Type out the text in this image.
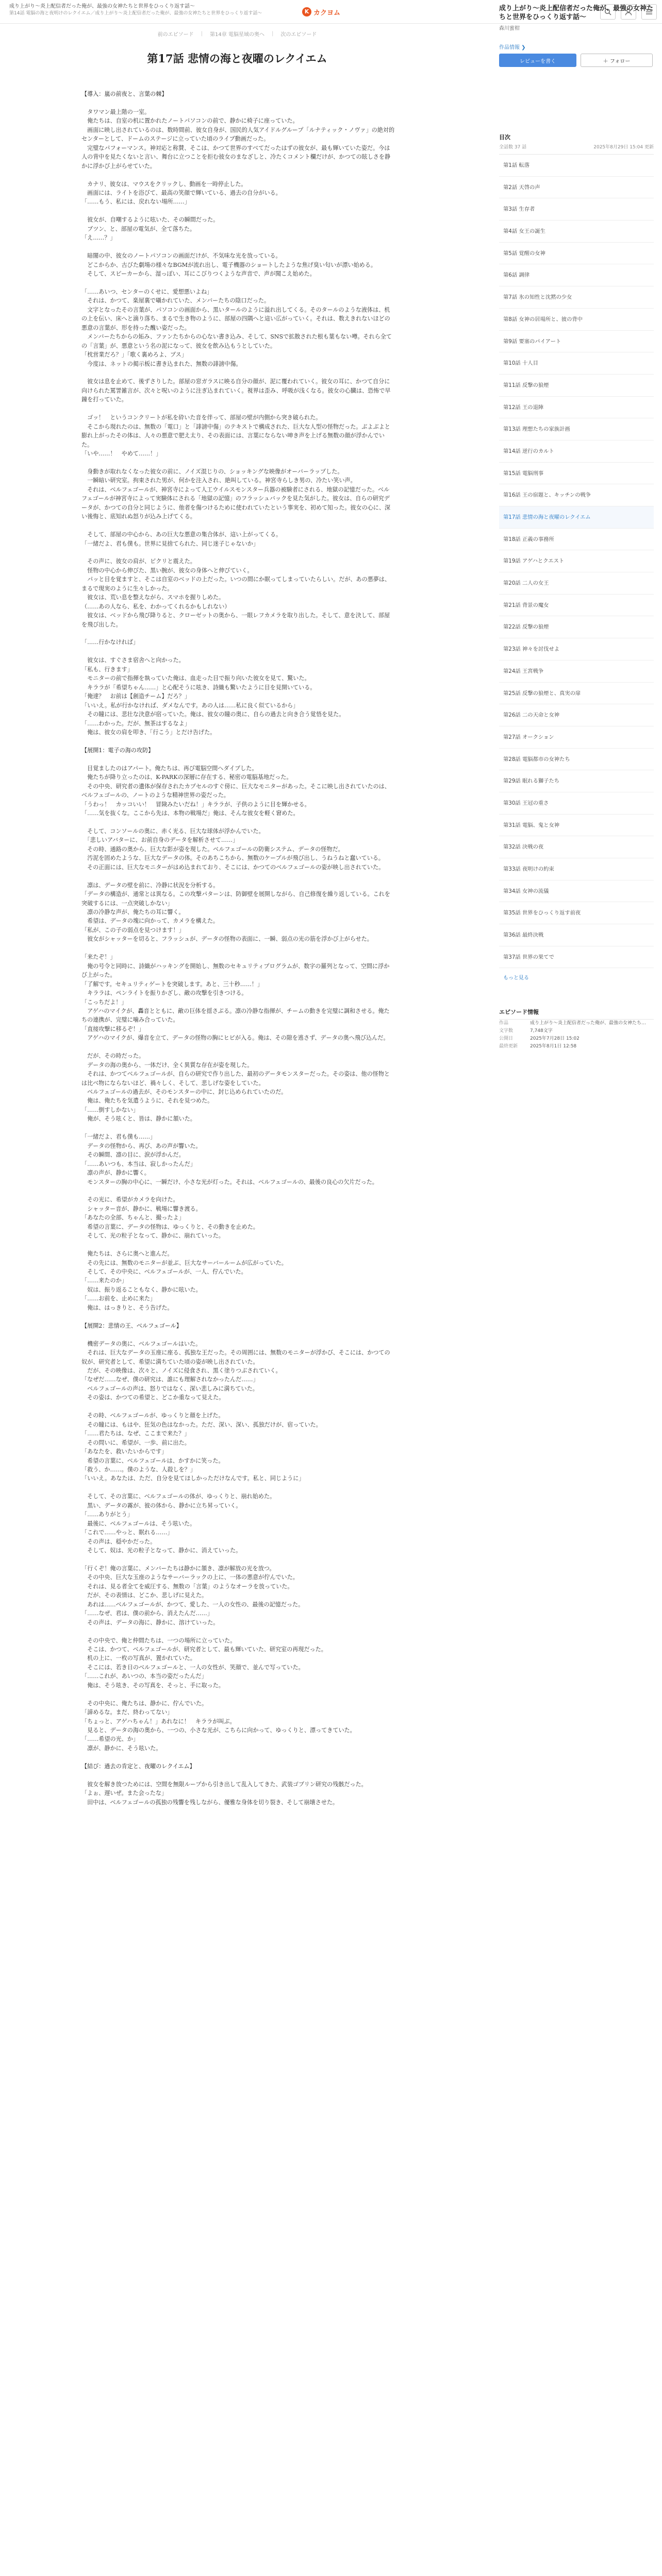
成り上がり〜炎上配信者だった俺が、最強の女神たちと世界をひっくり返す話〜
第14話 電脳の海と夜明けのレクイエム／成り上がり〜炎上配信者だった俺が、最強の女神たちと世界をひっくり返す話〜	K カクヨム
前のエピソード | 第14章 電脳星域の奥へ | 次のエピソード
第17話 悲情の海と夜曜のレクイエム

【導入：嵐の前夜と、言葉の棘】

　タワマン最上階の一室。
　俺たちは、自室の机に置かれたノートパソコンの前で、静かに椅子に座っていた。
　画面に映し出されているのは、数時間前、彼女自身が、国民的人気アイドルグループ「ルナティック・ノヴァ」の絶対的センターとして、ドームのステージに立っていた頃のライブ動画だった。
　完璧なパフォーマンス。神対応と称賛、そこは、かつて世界のすべてだったはずの彼女が、最も輝いていた姿だ。今は人の背中を見たくないと言い、舞台に立つことを拒む彼女のまなざしと、冷たくコメント欄だけが、かつての眩しさを静かに浮かび上がらせていた。

　カナリ、彼女は、マウスをクリックし、動画を一時停止した。
　画面には、ライトを浴びて、最高の笑顔で輝いている、過去の自分がいる。
「……もう、私には、戻れない場所……」

　彼女が、自嘲するように呟いた、その瞬間だった。
　ブツン、と、部屋の電気が、全て落ちた。
「え……？」

　暗闇の中、彼女のノートパソコンの画面だけが、不気味な光を放っている。
　どこからか、古びた劇場の様々なBGMが流れ出し、電子機器のショートしたような焦げ臭い匂いが漂い始める。
　そして、スピーカーから、湿っぽい、耳にこびりつくような声音で、声が聞こえ始めた。

「……あいつ、センターのくせに、愛想悪いよね」
　それは、かつて、楽屋裏で囁かれていた、メンバーたちの陰口だった。
　文字となったその言葉が、パソコンの画面から、黒いタールのように溢れ出してくる。そのタールのような液体は、机の上を伝い、床へと滴り落ち、まるで生き物のように、部屋の四隅へと這い広がっていく。それは、数えきれないほどの悪意の言葉が、形を持った醜い姿だった。
　メンバーたちからの妬み、ファンたちからの心ない書き込み、そして、SNSで拡散された根も葉もない噂。それら全ての「言葉」が、悪意という名の泥になって、彼女を飲み込もうとしていた。
「枕営業だろ？」「歌く裏めろよ、ブス」
　今度は、ネットの掲示板に書き込まれた、無数の誹謗中傷。

　彼女は息を止めて、後ずさりした。部屋の窓ガラスに映る自分の顔が、泥に覆われていく。彼女の耳に、かつて自分に向けられた罵詈雑言が、次々と呪いのように注ぎ込まれていく。視界は歪み、呼吸が浅くなる。彼女の心臓は、恐怖で早鐘を打っていた。

　ゴッ！　というコンクリートが私を砕いた音を伴って、部屋の壁が内側から突き破られた。
　そこから現れたのは、無数の「電口」と「誹謗中傷」のテキストで構成された、巨大な人型の怪物だった。ぶよぶよと膨れ上がったその体は、人々の悪意で肥え太り、その表面には、言葉にならない呻き声を上げる無数の顔が浮かんでいた。
「いや……！　やめて……！」

　身動きが取れなくなった彼女の前に、ノイズ混じりの、ショッキングな映像がオーバーラップした。
　一瞬暗い研究室。拘束された男が、何かを注入され、絶叫している。神宮寺らしき男の、冷たい笑い声。
　それは、ベルフェゴールが、神宮寺によって人工ウイルスモンスター兵器の被験者にされる、地獄の記憶だった。ベルフェゴールが神宮寺によって実験体にされる「地獄の記憶」のフラッシュバックを見た気がした。彼女は、自らの研究データが、かつての自分と同じように、他者を傷つけるために使われていたという事実を、初めて知った。彼女の心に、深い後悔と、底知れぬ怒りが込み上げてくる。

　そして、部屋の中心から、あの巨大な悪意の集合体が、這い上がってくる。
「一緒だよ、君も僕も。世界に見捨てられた、同じ迷子じゃないか」

　その声に、彼女の肩が、ピクリと震えた。
　怪物の中心から伸びた、黒い腕が、彼女の身体へと伸びていく。
　パッと目を覚ますと、そこは自室のベッドの上だった。いつの間にか眠ってしまっていたらしい。だが、あの悪夢は、まるで現実のように生々しかった。
　彼女は、荒い息を整えながら、スマホを握りしめた。
（……あの人なら、私を、わかってくれるかもしれない）
　彼女は、ベッドから飛び降りると、クローゼットの奥から、一眼レフカメラを取り出した。そして、意を決して、部屋を飛び出した。

「……行かなければ」

　彼女は、すぐさま宿舎へと向かった。
「私も、行きます」
　モニターの前で指揮を執っていた俺は、血走った目で振り向いた彼女を見て、驚いた。
　キララが「希望ちゃん……」と心配そうに呟き、詩織も驚いたように目を見開いている。
「俺達？　お前は【創造チーム】だろ？」
「いいえ。私が行かなければ、ダメなんです。あの人は……私に良く似ているから」
　その瞳には、悲壮な決意が宿っていた。俺は、彼女の瞳の奥に、自らの過去と向き合う覚悟を見た。
「……わかった。だが、無茶はするなよ」
　俺は、彼女の肩を叩き、「行こう」とだけ告げた。

【展開1：電子の海の攻防】

　目覚ましたのはアパート。俺たちは、再び電脳空間へダイブした。
　俺たちが降り立ったのは、K-PARKの深層に存在する、秘密の電脳基地だった。
　その中央、研究者の遺体が保存されたカプセルのすぐ傍に、巨大なモニターがあった。そこに映し出されていたのは、ベルフェゴールの、ノートのような精神世界の姿だった。
「うわっ！　カッコいい！　冒険みたいだね！」キララが、子供のように目を輝かせる。
「……気を抜くな。ここから先は、本物の戦場だ」俺は、そんな彼女を軽く窘めた。

　そして、コンソールの奥に、赤く光る、巨大な球体が浮かんでいた。
　「悲しいアバターに、お前自身のデータを解析させて……」
　その時、通路の奥から、巨大な影が姿を現した。ベルフェゴールの防衛システム、データの怪物だ。
　汚泥を固めたような、巨大なデータの体。そのあちこちから、無数のケーブルが飛び出し、うねうねと蠢いている。
　その正面には、巨大なモニターがはめ込まれており、そこには、かつてのベルフェゴールの姿が映し出されていた。

　凛は、データの壁を前に、冷静に状況を分析する。
「データの構造が、通常とは異なる。この攻撃パターンは、防御壁を展開しながら、自己修復を繰り返している。これを突破するには、一点突破しかない」
　凛の冷静な声が、俺たちの耳に響く。
　希望は、データの塊に向かって、カメラを構えた。
「私が、この子の弱点を見つけます！」
　彼女がシャッターを切ると、フラッシュが、データの怪物の表面に、一瞬、弱点の光の筋を浮かび上がらせた。

「来たぞ！」
　俺の号令と同時に、詩織がハッキングを開始し、無数のセキュリティプログラムが、数字の羅列となって、空間に浮かび上がった。
「了解です。セキュリティゲートを突破します。あと、三十秒……！」
　キララは、ペンライトを振りかざし、敵の攻撃を引きつける。
「こっちだよ！」
　アゲハのマイクが、轟音とともに、敵の巨体を揺さぶる。凛の冷静な指揮が、チームの動きを完璧に調和させる。俺たちの連携が、完璧に噛み合っていた。
「直接攻撃に移るぞ！」
　アゲハのマイクが、爆音を立て、データの怪物の胸にヒビが入る。俺は、その隙を逃さず、データの奥へ飛び込んだ。

　だが、その時だった。
　データの海の奥から、一体だけ、全く異質な存在が姿を現した。
　それは、かつてベルフェゴールが、自らの研究で作り出した、最初のデータモンスターだった。その姿は、他の怪物とは比べ物にならないほど、禍々しく、そして、悲しげな姿をしていた。
　ベルフェゴールの過去が、そのモンスターの中に、封じ込められていたのだ。
　俺は、俺たちを気遣うように、それを見つめた。
「……倒すしかない」
　俺が、そう呟くと、皆は、静かに頷いた。

「一緒だよ、君も僕も……」
　データの怪物から、再び、あの声が響いた。
　その瞬間、凛の目に、涙が浮かんだ。
「……あいつも、本当は、寂しかったんだ」
　凛の声が、静かに響く。
　モンスターの胸の中心に、一瞬だけ、小さな光が灯った。それは、ベルフェゴールの、最後の良心の欠片だった。

　その光に、希望がカメラを向けた。
　シャッター音が、静かに、戦場に響き渡る。
「あなたの全部、ちゃんと、撮ったよ」
　希望の言葉に、データの怪物は、ゆっくりと、その動きを止めた。
　そして、光の粒子となって、静かに、崩れていった。

　俺たちは、さらに奥へと進んだ。
　その先には、無数のモニターが並ぶ、巨大なサーバールームが広がっていた。
　そして、その中央に、ベルフェゴールが、一人、佇んでいた。
「……来たのか」
　奴は、振り返ることもなく、静かに呟いた。
「……お前を、止めに来た」
　俺は、はっきりと、そう告げた。

【展開2：悲情の王、ベルフェゴール】

　機密データの奥に、ベルフェゴールはいた。
　それは、巨大なデータの玉座に座る、孤独な王だった。その周囲には、無数のモニターが浮かび、そこには、かつての奴が、研究者として、希望に満ちていた頃の姿が映し出されていた。
　だが、その映像は、次々と、ノイズに侵食され、黒く塗りつぶされていく。
「なぜだ……なぜ、僕の研究は、誰にも理解されなかったんだ……」
　ベルフェゴールの声は、怒りではなく、深い悲しみに満ちていた。
　その姿は、かつての希望と、どこか重なって見えた。

　その時、ベルフェゴールが、ゆっくりと顔を上げた。
　その瞳には、もはや、狂気の色はなかった。ただ、深い、深い、孤独だけが、宿っていた。
「……君たちは、なぜ、ここまで来た？」
　その問いに、希望が、一歩、前に出た。
「あなたを、救いたいからです」
　希望の言葉に、ベルフェゴールは、かすかに笑った。
「救う、か……。僕のような、人殺しを？」
「いいえ。あなたは、ただ、自分を見てほしかっただけなんです。私と、同じように」

　そして、その言葉に、ベルフェゴールの体が、ゆっくりと、崩れ始めた。
　黒い、データの霧が、彼の体から、静かに立ち昇っていく。
「……ありがとう」
　最後に、ベルフェゴールは、そう呟いた。
「これで……やっと、眠れる……」
　その声は、穏やかだった。
　そして、奴は、光の粒子となって、静かに、消えていった。

「行くぞ！俺の言葉に、メンバーたちは静かに頷き、凛が解放の光を放つ。
　その中央、巨大な玉座のようなサーバーラックの上に、一体の悪意が佇んでいた。
　それは、見る者全てを威圧する、無数の「言葉」のようなオーラを放っていた。
　だが、その表情は、どこか、悲しげに見えた。
　あれは……ベルフェゴールが、かつて、愛した、一人の女性の、最後の記憶だった。
「……なぜ、君は、僕の前から、消えたんだ……」
　その声は、データの海に、静かに、溶けていった。

　その中央で、俺と仲間たちは、一つの場所に立っていた。
　そこは、かつて、ベルフェゴールが、研究者として、最も輝いていた、研究室の再現だった。
　机の上に、一枚の写真が、置かれていた。
　そこには、若き日のベルフェゴールと、一人の女性が、笑顔で、並んで写っていた。
「……これが、あいつの、本当の姿だったんだ」
　俺は、そう呟き、その写真を、そっと、手に取った。

　その中央に、俺たちは、静かに、佇んでいた。
「諦めるな。まだ、終わってない」
「ちょっと、アゲハちゃん！」あれなに！　キララが叫ぶ。
　見ると、データの海の奥から、一つの、小さな光が、こちらに向かって、ゆっくりと、漂ってきていた。
「……希望の光、か」
　凛が、静かに、そう呟いた。

【結び：過去の肯定と、夜曜のレクイエム】

　彼女を解き放つためには、空間を無限ループから引き出して乱入してきた、武装ゴブリン研究の残骸だった。
「よぉ、遅いぜ。また会ったな」
　田中は、ベルフェゴールの孤独の残響を残しながら、優雅な身体を切り裂き、そして崩壊させた。

成り上がり〜炎上配信者だった俺が、最強の女神たちと世界をひっくり返す話〜
森川蜜柑
作品情報 ❯
レビューを書く	＋ フォロー
目次
全話数 37 話	2025年8月29日 15:04 更新
第1話 転落
第2話 天啓の声
第3話 生存者
第4話 女王の誕生
第5話 覚醒の女神
第6話 調律
第7話 氷の知性と沈黙の少女
第8話 女神の居場所と、彼の背中
第9話 要塞のパイアート
第10話 十人目
第11話 反撃の狼煙
第12話 王の退陣
第13話 理想たちの家族計画
第14話 逆行のカルト
第15話 電脳刑事
第16話 王の宿題と、キッチンの戦争
第17話 悲情の海と夜曜のレクイエム
第18話 正義の事務所
第19話 アゲハとクエスト
第20話 二人の女王
第21話 背景の魔女
第22話 反撃の狼煙
第23話 神々を討伐せよ
第24話 王宮戦争
第25話 反撃の狼煙と、真実の扉
第26話 二の天命と女神
第27話 オークション
第28話 電脳都市の女神たち
第29話 眠れる獅子たち
第30話 王冠の重さ
第31話 電脳、鬼と女神
第32話 決戦の夜
第33話 夜明けの約束
第34話 女神の流儀
第35話 世界をひっくり返す前夜
第36話 最終決戦
第37話 世界の果てで
もっと見る
エピソード情報
作品	成り上がり〜炎上配信者だった俺が、最強の女神たち…
文字数	7,748文字
公開日	2025年7月28日 15:02
最終更新	2025年8月1日 12:58
